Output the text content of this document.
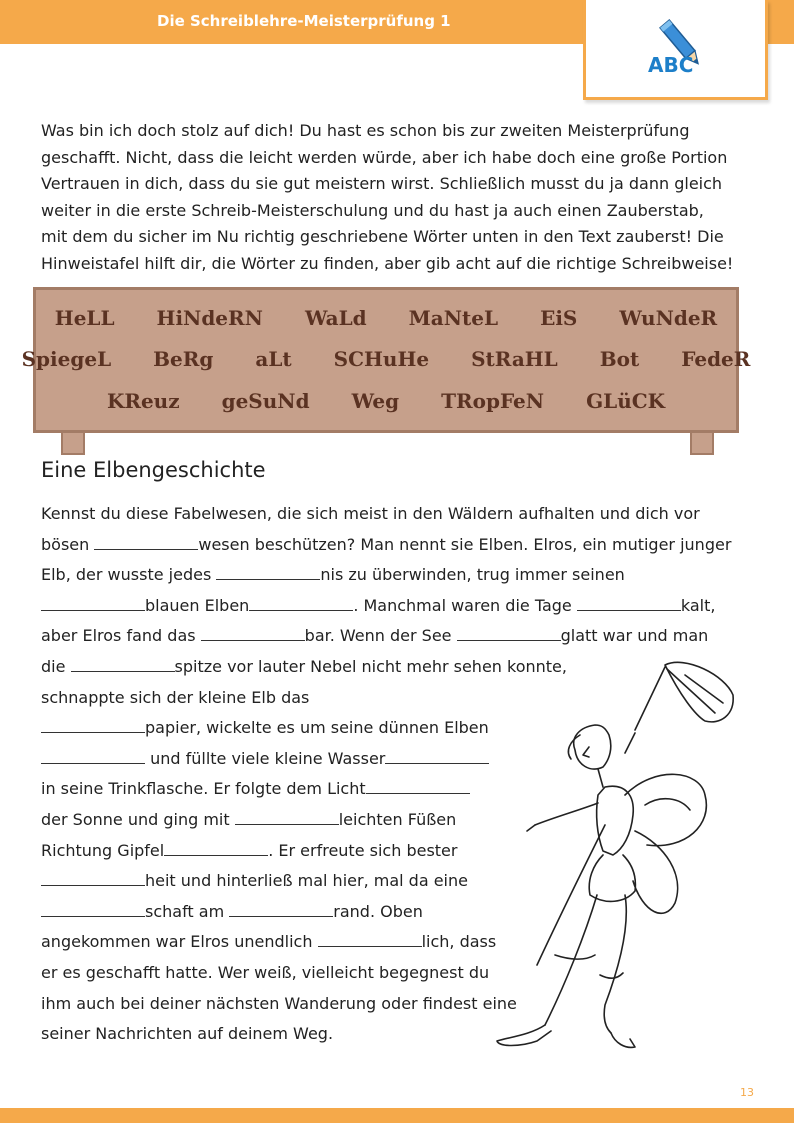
Die Schreiblehre-Meisterprüfung 1
ABC

Was bin ich doch stolz auf dich! Du hast es schon bis zur zweiten Meisterprüfung

geschafft. Nicht, dass die leicht werden würde, aber ich habe doch eine große Portion

Vertrauen in dich, dass du sie gut meistern wirst. Schließlich musst du ja dann gleich

weiter in die erste Schreib-Meisterschulung und du hast ja auch einen Zauberstab,

mit dem du sicher im Nu richtig geschriebene Wörter unten in den Text zauberst! Die

Hinweistafel hilft dir, die Wörter zu finden, aber gib acht auf die richtige Schreibweise!

HeLL HiNdeRN WaLd MaNteL EiS WuNdeR
SpiegeL BeRg aLt SCHuHe StRaHL Bot FedeR
KReuz geSuNd Weg TRopFeN GLüCK
Eine Elbengeschichte
Kennst du diese Fabelwesen, die sich meist in den Wäldern aufhalten und dich vor
bösen	wesen beschützen? Man nennt sie Elben. Elros, ein mutiger junger
Elb, der wusste jedes	nis zu überwinden, trug immer seinen
blauen Elben	. Manchmal waren die Tage	kalt,
aber Elros fand das	bar. Wenn der See	glatt war und man
die	spitze vor lauter Nebel nicht mehr sehen konnte,
schnappte sich der kleine Elb das
papier, wickelte es um seine dünnen Elben
und füllte viele kleine Wasser
in seine Trinkflasche. Er folgte dem Licht
der Sonne und ging mit	leichten Füßen
Richtung Gipfel	. Er erfreute sich bester
heit und hinterließ mal hier, mal da eine
schaft am	rand. Oben
angekommen war Elros unendlich	lich, dass
er es geschafft hatte. Wer weiß, vielleicht begegnest du
ihm auch bei deiner nächsten Wanderung oder findest eine
seiner Nachrichten auf deinem Weg.
13
